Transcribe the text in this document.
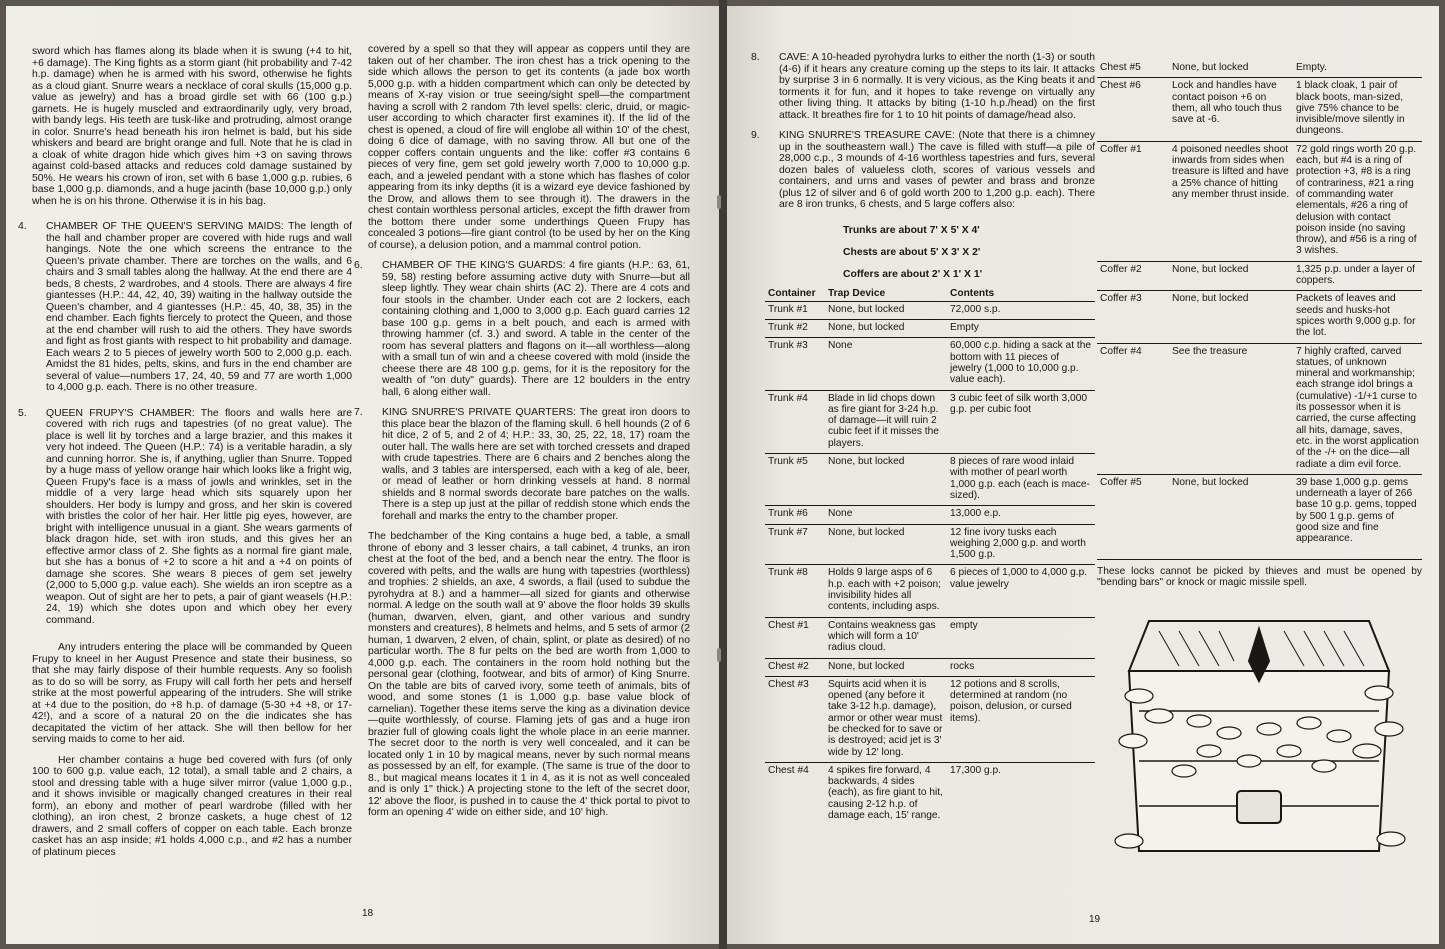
sword which has flames along its blade when it is swung (+4 to hit, +6 damage). The King fights as a storm giant (hit probability and 7-42 h.p. damage) when he is armed with his sword, otherwise he fights as a cloud giant. Snurre wears a necklace of coral skulls (15,000 g.p. value as jewelry) and has a broad girdle set with 66 (100 g.p.) garnets. He is hugely muscled and extraordinarily ugly, very broad, with bandy legs. His teeth are tusk-like and protruding, almost orange in color. Snurre's head beneath his iron helmet is bald, but his side whiskers and beard are bright orange and full. Note that he is clad in a cloak of white dragon hide which gives him +3 on saving throws against cold-based attacks and reduces cold damage sustained by 50%. He wears his crown of iron, set with 6 base 1,000 g.p. rubies, 6 base 1,000 g.p. diamonds, and a huge jacinth (base 10,000 g.p.) only when he is on his throne. Otherwise it is in his bag.

4. CHAMBER OF THE QUEEN'S SERVING MAIDS: The length of the hall and chamber proper are covered with hide rugs and wall hangings. Note the one which screens the entrance to the Queen's private chamber. There are torches on the walls, and 6 chairs and 3 small tables along the hallway. At the end there are 4 beds, 8 chests, 2 wardrobes, and 4 stools. There are always 4 fire giantesses (H.P.: 44, 42, 40, 39) waiting in the hallway outside the Queen's chamber, and 4 giantesses (H.P.: 45, 40, 38, 35) in the end chamber. Each fights fiercely to protect the Queen, and those at the end chamber will rush to aid the others. They have swords and fight as frost giants with respect to hit probability and damage. Each wears 2 to 5 pieces of jewelry worth 500 to 2,000 g.p. each. Amidst the 81 hides, pelts, skins, and furs in the end chamber are several of value—numbers 17, 24, 40, 59 and 77 are worth 1,000 to 4,000 g.p. each. There is no other treasure.

5. QUEEN FRUPY'S CHAMBER: The floors and walls here are covered with rich rugs and tapestries (of no great value). The place is well lit by torches and a large brazier, and this makes it very hot indeed. The Queen (H.P.: 74) is a veritable haradin, a sly and cunning horror. She is, if anything, uglier than Snurre. Topped by a huge mass of yellow orange hair which looks like a fright wig, Queen Frupy's face is a mass of jowls and wrinkles, set in the middle of a very large head which sits squarely upon her shoulders. Her body is lumpy and gross, and her skin is covered with bristles the color of her hair. Her little pig eyes, however, are bright with intelligence unusual in a giant. She wears garments of black dragon hide, set with iron studs, and this gives her an effective armor class of 2. She fights as a normal fire giant male, but she has a bonus of +2 to score a hit and a +4 on points of damage she scores. She wears 8 pieces of gem set jewelry (2,000 to 5,000 g.p. value each). She wields an iron sceptre as a weapon. Out of sight are her to pets, a pair of giant weasels (H.P.: 24, 19) which she dotes upon and which obey her every command.

Any intruders entering the place will be commanded by Queen Frupy to kneel in her August Presence and state their business, so that she may fairly dispose of their humble requests. Any so foolish as to do so will be sorry, as Frupy will call forth her pets and herself strike at the most powerful appearing of the intruders. She will strike at +4 due to the position, do +8 h.p. of damage (5-30 +4 +8, or 17-42!), and a score of a natural 20 on the die indicates she has decapitated the victim of her attack. She will then bellow for her serving maids to come to her aid.

Her chamber contains a huge bed covered with furs (of only 100 to 600 g.p. value each, 12 total), a small table and 2 chairs, a stool and dressing table with a huge silver mirror (value 1,000 g.p., and it shows invisible or magically changed creatures in their real form), an ebony and mother of pearl wardrobe (filled with her clothing), an iron chest, 2 bronze caskets, a huge chest of 12 drawers, and 2 small coffers of copper on each table. Each bronze casket has an asp inside; #1 holds 4,000 c.p., and #2 has a number of platinum pieces

covered by a spell so that they will appear as coppers until they are taken out of her chamber. The iron chest has a trick opening to the side which allows the person to get its contents (a jade box worth 5,000 g.p. with a hidden compartment which can only be detected by means of X-ray vision or true seeing/sight spell—the compartment having a scroll with 2 random 7th level spells: cleric, druid, or magic-user according to which character first examines it). If the lid of the chest is opened, a cloud of fire will englobe all within 10' of the chest, doing 6 dice of damage, with no saving throw. All but one of the copper coffers contain unguents and the like: coffer #3 contains 6 pieces of very fine, gem set gold jewelry worth 7,000 to 10,000 g.p. each, and a jeweled pendant with a stone which has flashes of color appearing from its inky depths (it is a wizard eye device fashioned by the Drow, and allows them to see through it). The drawers in the chest contain worthless personal articles, except the fifth drawer from the bottom there under some underthings Queen Frupy has concealed 3 potions—fire giant control (to be used by her on the King of course), a delusion potion, and a mammal control potion.

6. CHAMBER OF THE KING'S GUARDS: 4 fire giants (H.P.: 63, 61, 59, 58) resting before assuming active duty with Snurre—but all sleep lightly. They wear chain shirts (AC 2). There are 4 cots and four stools in the chamber. Under each cot are 2 lockers, each containing clothing and 1,000 to 3,000 g.p. Each guard carries 12 base 100 g.p. gems in a belt pouch, and each is armed with throwing hammer (cf. 3.) and sword. A table in the center of the room has several platters and flagons on it—all worthless—along with a small tun of win and a cheese covered with mold (inside the cheese there are 48 100 g.p. gems, for it is the repository for the wealth of "on duty" guards). There are 12 boulders in the entry hall, 6 along either wall.

7. KING SNURRE'S PRIVATE QUARTERS: The great iron doors to this place bear the blazon of the flaming skull. 6 hell hounds (2 of 6 hit dice, 2 of 5, and 2 of 4; H.P.: 33, 30, 25, 22, 18, 17) roam the outer hall. The walls here are set with torched cressets and draped with crude tapestries. There are 6 chairs and 2 benches along the walls, and 3 tables are interspersed, each with a keg of ale, beer, or mead of leather or horn drinking vessels at hand. 8 normal shields and 8 normal swords decorate bare patches on the walls. There is a step up just at the pillar of reddish stone which ends the forehall and marks the entry to the chamber proper.

The bedchamber of the King contains a huge bed, a table, a small throne of ebony and 3 lesser chairs, a tall cabinet, 4 trunks, an iron chest at the foot of the bed, and a bench near the entry. The floor is covered with pelts, and the walls are hung with tapestries (worthless) and trophies: 2 shields, an axe, 4 swords, a flail (used to subdue the pyrohydra at 8.) and a hammer—all sized for giants and otherwise normal. A ledge on the south wall at 9' above the floor holds 39 skulls (human, dwarven, elven, giant, and other various and sundry monsters and creatures), 8 helmets and helms, and 5 sets of armor (2 human, 1 dwarven, 2 elven, of chain, splint, or plate as desired) of no particular worth. The 8 fur pelts on the bed are worth from 1,000 to 4,000 g.p. each. The containers in the room hold nothing but the personal gear (clothing, footwear, and bits of armor) of King Snurre. On the table are bits of carved ivory, some teeth of animals, bits of wood, and some stones (1 is 1,000 g.p. base value block of carnelian). Together these items serve the king as a divination device—quite worthlessly, of course. Flaming jets of gas and a huge iron brazier full of glowing coals light the whole place in an eerie manner. The secret door to the north is very well concealed, and it can be located only 1 in 10 by magical means, never by such normal means as possessed by an elf, for example. (The same is true of the door to 8., but magical means locates it 1 in 4, as it is not as well concealed and is only 1" thick.) A projecting stone to the left of the secret door, 12' above the floor, is pushed in to cause the 4' thick portal to pivot to form an opening 4' wide on either side, and 10' high.

18

8. CAVE: A 10-headed pyrohydra lurks to either the north (1-3) or south (4-6) if it hears any creature coming up the steps to its lair. It attacks by surprise 3 in 6 normally. It is very vicious, as the King beats it and torments it for fun, and it hopes to take revenge on virtually any other living thing. It attacks by biting (1-10 h.p./head) on the first attack. It breathes fire for 1 to 10 hit points of damage/head also.

9. KING SNURRE'S TREASURE CAVE: (Note that there is a chimney up in the southeastern wall.) The cave is filled with stuff—a pile of 28,000 c.p., 3 mounds of 4-16 worthless tapestries and furs, several dozen bales of valueless cloth, scores of various vessels and containers, and urns and vases of pewter and brass and bronze (plus 12 of silver and 6 of gold worth 200 to 1,200 g.p. each). There are 8 iron trunks, 6 chests, and 5 large coffers also:

Trunks are about 7' X 5' X 4'
Chests are about 5' X 3' X 2'
Coffers are about 2' X 1' X 1'
Container	Trap Device	Contents
Trunk #1	None, but locked	72,000 s.p.
Trunk #2	None, but locked	Empty
Trunk #3	None	60,000 c.p. hiding a sack at the bottom with 11 pieces of jewelry (1,000 to 10,000 g.p. value each).
Trunk #4	Blade in lid chops down as fire giant for 3-24 h.p. of damage—it will ruin 2 cubic feet if it misses the players.	3 cubic feet of silk worth 3,000 g.p. per cubic foot
Trunk #5	None, but locked	8 pieces of rare wood inlaid with mother of pearl worth 1,000 g.p. each (each is mace-sized).
Trunk #6	None	13,000 e.p.
Trunk #7	None, but locked	12 fine ivory tusks each weighing 2,000 g.p. and worth 1,500 g.p.
Trunk #8	Holds 9 large asps of 6 h.p. each with +2 poison; invisibility hides all contents, including asps.	6 pieces of 1,000 to 4,000 g.p. value jewelry
Chest #1	Contains weakness gas which will form a 10' radius cloud.	empty
Chest #2	None, but locked	rocks
Chest #3	Squirts acid when it is opened (any before it take 3-12 h.p. damage), armor or other wear must be checked for to save or is destroyed; acid jet is 3' wide by 12' long.	12 potions and 8 scrolls, determined at random (no poison, delusion, or cursed items).
Chest #4	4 spikes fire forward, 4 backwards, 4 sides (each), as fire giant to hit, causing 2-12 h.p. of damage each, 15' range.	17,300 g.p.
Chest #5	None, but locked	Empty.
Chest #6	Lock and handles have contact poison +6 on them, all who touch thus save at -6.	1 black cloak, 1 pair of black boots, man-sized, give 75% chance to be invisible/move silently in dungeons.
Coffer #1	4 poisoned needles shoot inwards from sides when treasure is lifted and have a 25% chance of hitting any member thrust inside.	72 gold rings worth 20 g.p. each, but #4 is a ring of protection +3, #8 is a ring of contrariness, #21 a ring of commanding water elementals, #26 a ring of delusion with contact poison inside (no saving throw), and #56 is a ring of 3 wishes.
Coffer #2	None, but locked	1,325 p.p. under a layer of coppers.
Coffer #3	None, but locked	Packets of leaves and seeds and husks-hot spices worth 9,000 g.p. for the lot.
Coffer #4	See the treasure	7 highly crafted, carved statues, of unknown mineral and workmanship; each strange idol brings a (cumulative) -1/+1 curse to its possessor when it is carried, the curse affecting all hits, damage, saves, etc. in the worst application of the -/+ on the dice—all radiate a dim evil force.
Coffer #5	None, but locked	39 base 1,000 g.p. gems underneath a layer of 266 base 10 g.p. gems, topped by 500 1 g.p. gems of good size and fine appearance.
These locks cannot be picked by thieves and must be opened by "bending bars" or knock or magic missile spell.
19
